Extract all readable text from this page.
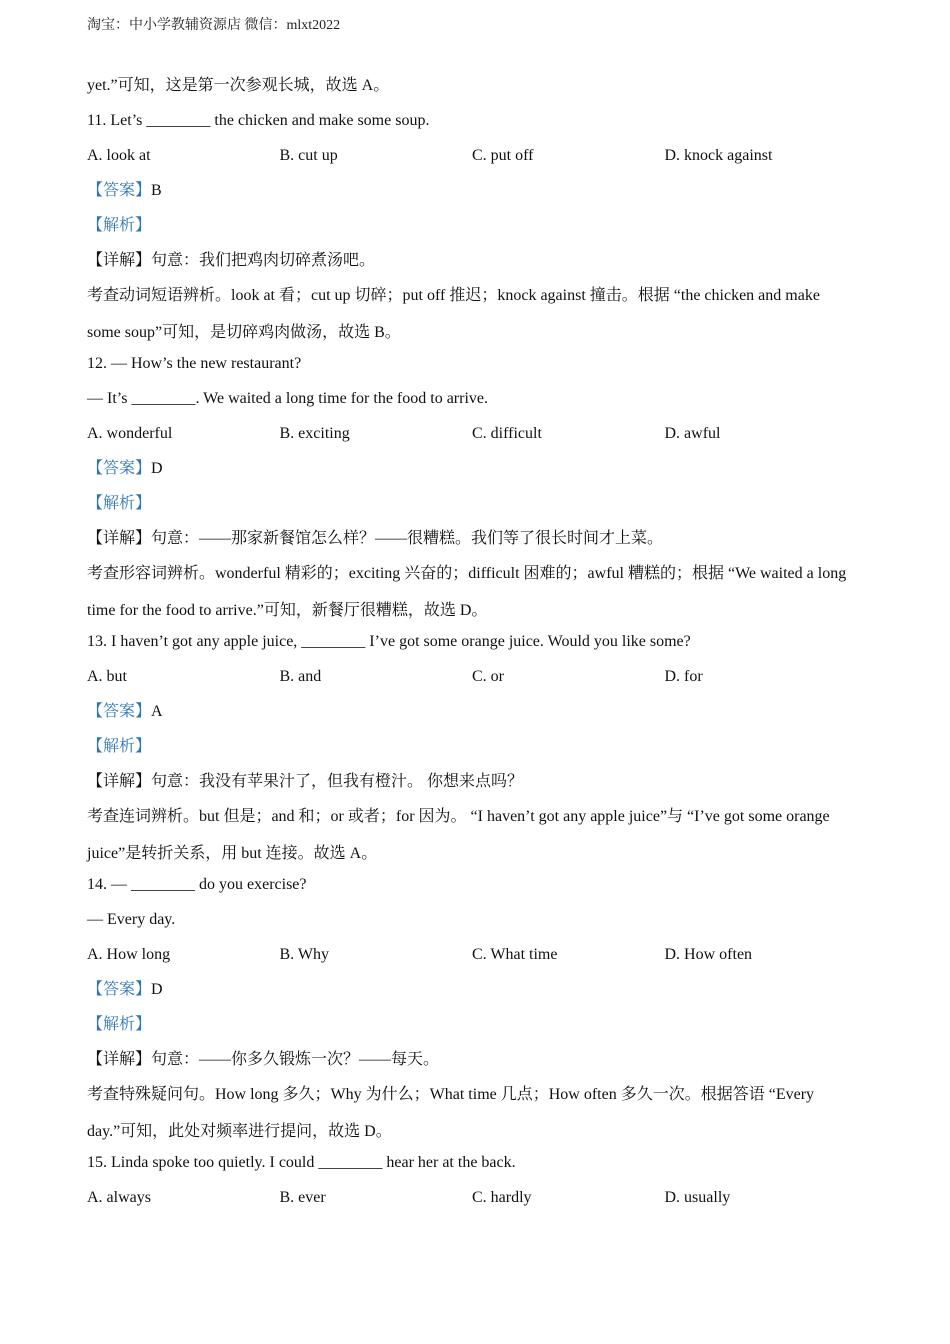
淘宝：中小学教辅资源店 微信：mlxt2022
yet.”可知，这是第一次参观长城，故选 A。
11. Let’s ________ the chicken and make some soup.
A. look at	B. cut up	C. put off	D. knock against
【答案】B
【解析】
【详解】句意：我们把鸡肉切碎煮汤吧。

考查动词短语辨析。look at 看；cut up 切碎；put off 推迟；knock against 撞击。根据 “the chicken and make some soup”可知，是切碎鸡肉做汤，故选 B。

12. — How’s the new restaurant?
— It’s ________. We waited a long time for the food to arrive.
A. wonderful	B. exciting	C. difficult	D. awful
【答案】D
【解析】
【详解】句意：——那家新餐馆怎么样？——很糟糕。我们等了很长时间才上菜。

考查形容词辨析。wonderful 精彩的；exciting 兴奋的；difficult 困难的；awful 糟糕的；根据 “We waited a long time for the food to arrive.”可知，新餐厅很糟糕，故选 D。

13. I haven’t got any apple juice, ________ I’ve got some orange juice. Would you like some?
A. but	B. and	C. or	D. for
【答案】A
【解析】
【详解】句意：我没有苹果汁了，但我有橙汁。 你想来点吗？

考查连词辨析。but 但是；and 和；or 或者；for 因为。 “I haven’t got any apple juice”与 “I’ve got some orange juice”是转折关系，用 but 连接。故选 A。

14. — ________ do you exercise?
— Every day.
A. How long	B. Why	C. What time	D. How often
【答案】D
【解析】
【详解】句意：——你多久锻炼一次？——每天。

考查特殊疑问句。How long 多久；Why 为什么；What time 几点；How often 多久一次。根据答语 “Every day.”可知，此处对频率进行提问，故选 D。

15. Linda spoke too quietly. I could ________ hear her at the back.
A. always	B. ever	C. hardly	D. usually
